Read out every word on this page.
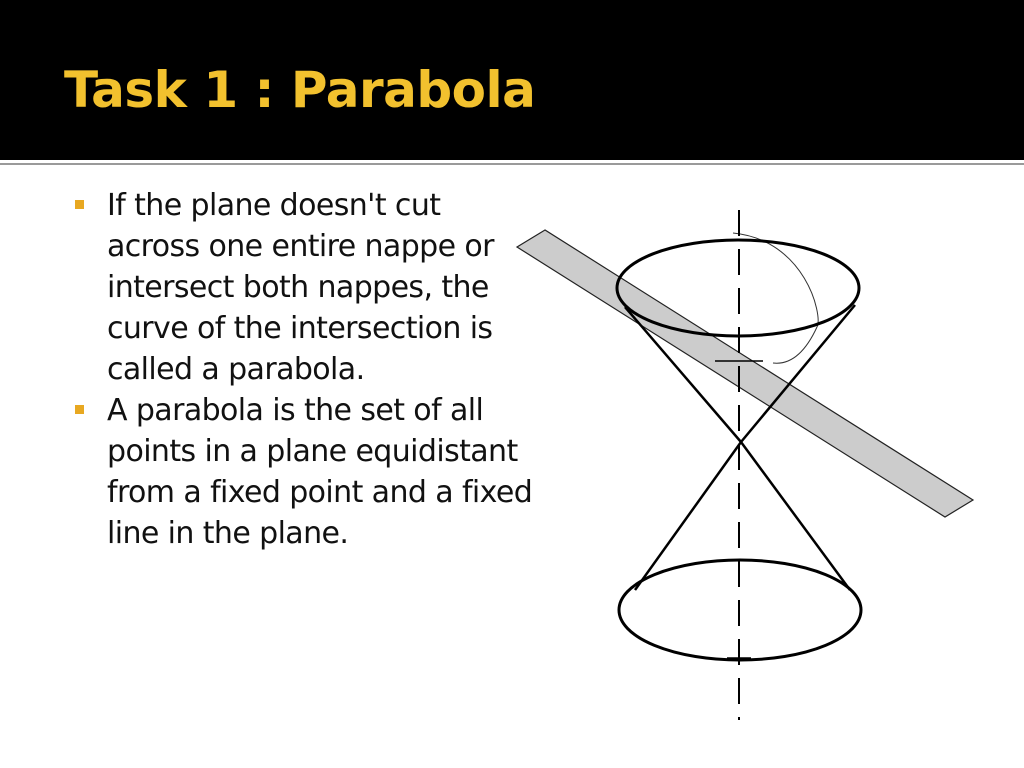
Task 1 : Parabola
If the plane doesn't cut across one entire nappe or intersect both nappes, the curve of the intersection is called a parabola.
A parabola is the set of all points in a plane equidistant from a fixed point and a fixed line in the plane.
